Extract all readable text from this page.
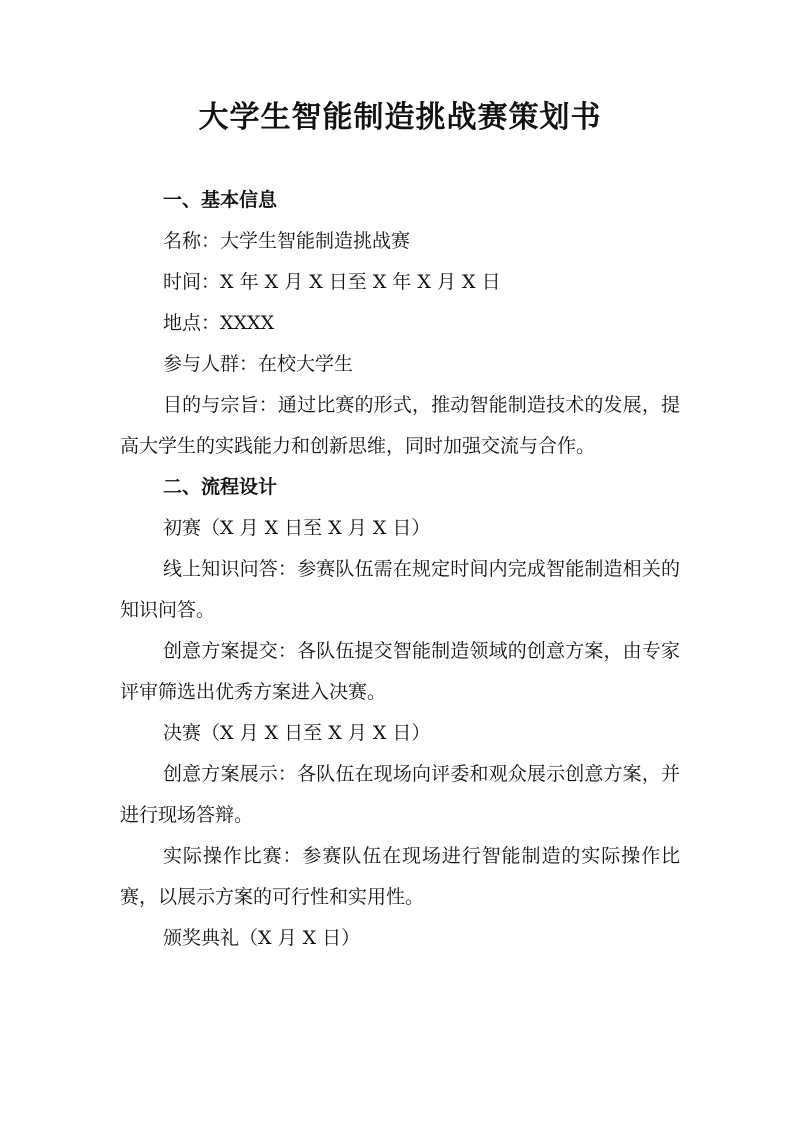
大学生智能制造挑战赛策划书

一、基本信息

名称：大学生智能制造挑战赛

时间：X 年 X 月 X 日至 X 年 X 月 X 日

地点：XXXX

参与人群：在校大学生

目的与宗旨：通过比赛的形式，推动智能制造技术的发展，提高大学生的实践能力和创新思维，同时加强交流与合作。

二、流程设计

初赛（X 月 X 日至 X 月 X 日）

线上知识问答：参赛队伍需在规定时间内完成智能制造相关的知识问答。

创意方案提交：各队伍提交智能制造领域的创意方案，由专家评审筛选出优秀方案进入决赛。

决赛（X 月 X 日至 X 月 X 日）

创意方案展示：各队伍在现场向评委和观众展示创意方案，并进行现场答辩。

实际操作比赛：参赛队伍在现场进行智能制造的实际操作比赛，以展示方案的可行性和实用性。

颁奖典礼（X 月 X 日）
